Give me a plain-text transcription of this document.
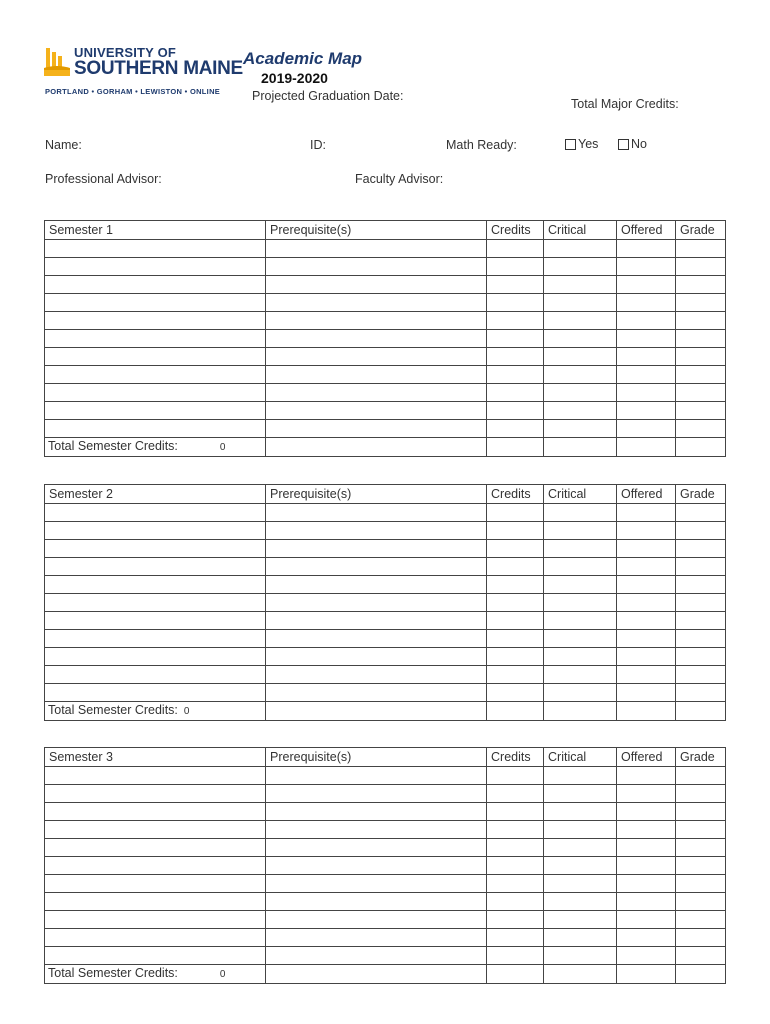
UNIVERSITY OF
SOUTHERN MAINE
PORTLAND • GORHAM • LEWISTON • ONLINE
Academic Map
2019-2020
Projected Graduation Date:
Total Major Credits:
Name:	ID:	Math Ready:	Yes	No
Professional Advisor:	Faculty Advisor:
Semester 1	Prerequisite(s)	Credits	Critical	Offered	Grade

Total Semester Credits: 0					
Semester 2	Prerequisite(s)	Credits	Critical	Offered	Grade

Total Semester Credits: 0					
Semester 3	Prerequisite(s)	Credits	Critical	Offered	Grade

Total Semester Credits: 0					
